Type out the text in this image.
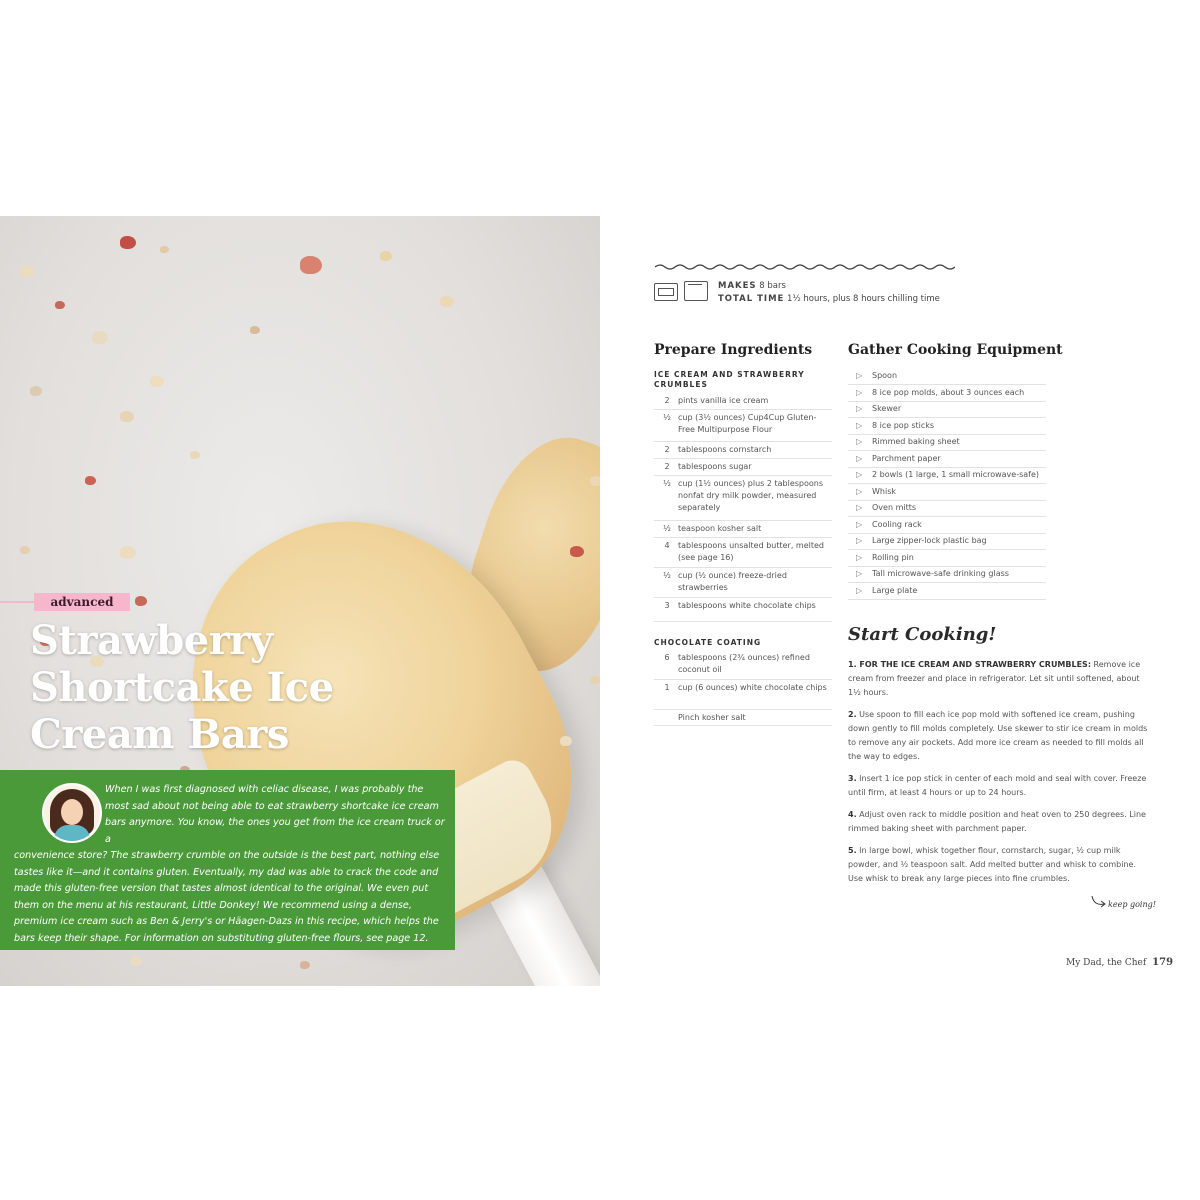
advanced
Strawberry
Shortcake Ice
Cream Bars

When I was first diagnosed with celiac disease, I was probably the most sad about not being able to eat strawberry shortcake ice cream bars anymore. You know, the ones you get from the ice cream truck or a

convenience store? The strawberry crumble on the outside is the best part, nothing else tastes like it—and it contains gluten. Eventually, my dad was able to crack the code and made this gluten-free version that tastes almost identical to the original. We even put them on the menu at his restaurant, Little Donkey! We recommend using a dense, premium ice cream such as Ben & Jerry's or Häagen-Dazs in this recipe, which helps the bars keep their shape. For information on substituting gluten-free flours, see page 12.

MAKES 8 bars
TOTAL TIME 1½ hours, plus 8 hours chilling time
Prepare Ingredients

ICE CREAM AND STRAWBERRY CRUMBLES

2	pints vanilla ice cream
½ cup (3½ ounces) Cup4Cup Gluten-Free Multipurpose Flour
2	tablespoons cornstarch
2	tablespoons sugar
½ cup (1½ ounces) plus 2 tablespoons nonfat dry milk powder, measured separately
½ teaspoon kosher salt
4	tablespoons unsalted butter, melted (see page 16)
½ cup (½ ounce) freeze-dried strawberries
3	tablespoons white chocolate chips

CHOCOLATE COATING

6	tablespoons (2¾ ounces) refined coconut oil
1	cup (6 ounces) white chocolate chips
Pinch kosher salt
Gather Cooking Equipment
▷ Spoon
▷ 8 ice pop molds, about 3 ounces each
▷ Skewer
▷ 8 ice pop sticks
▷ Rimmed baking sheet
▷ Parchment paper
▷ 2 bowls (1 large, 1 small microwave-safe)
▷ Whisk
▷ Oven mitts
▷ Cooling rack
▷ Large zipper-lock plastic bag
▷ Rolling pin
▷ Tall microwave-safe drinking glass
▷ Large plate
Start Cooking!

1. FOR THE ICE CREAM AND STRAWBERRY CRUMBLES: Remove ice cream from freezer and place in refrigerator. Let sit until softened, about 1½ hours.

2. Use spoon to fill each ice pop mold with softened ice cream, pushing down gently to fill molds completely. Use skewer to stir ice cream in molds to remove any air pockets. Add more ice cream as needed to fill molds all the way to edges.

3. Insert 1 ice pop stick in center of each mold and seal with cover. Freeze until firm, at least 4 hours or up to 24 hours.

4. Adjust oven rack to middle position and heat oven to 250 degrees. Line rimmed baking sheet with parchment paper.

5. In large bowl, whisk together flour, cornstarch, sugar, ½ cup milk powder, and ½ teaspoon salt. Add melted butter and whisk to combine. Use whisk to break any large pieces into fine crumbles.

keep going!
My Dad, the Chef 179
